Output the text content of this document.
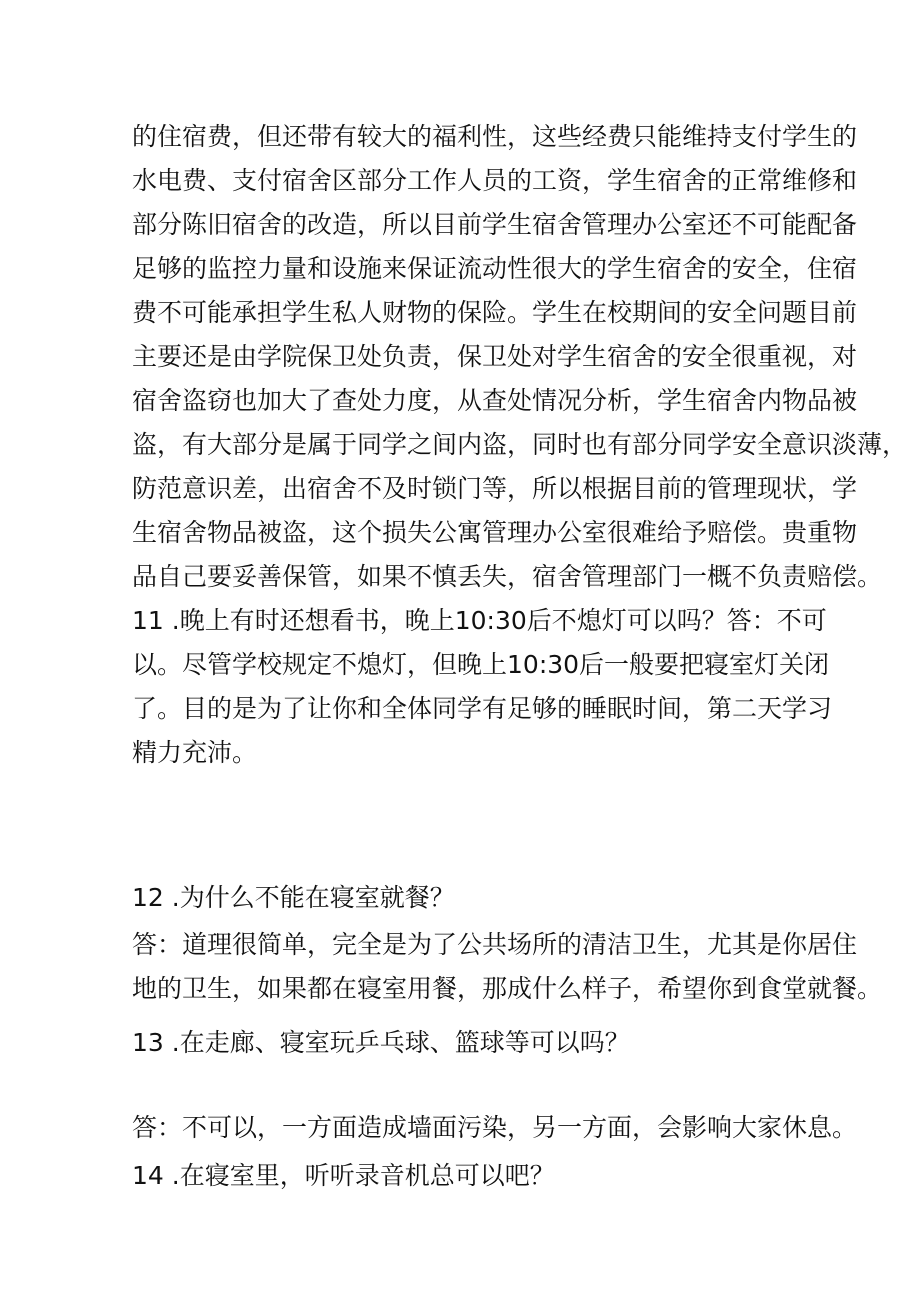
的住宿费，但还带有较大的福利性，这些经费只能维持支付学生的
水电费、支付宿舍区部分工作人员的工资，学生宿舍的正常维修和
部分陈旧宿舍的改造，所以目前学生宿舍管理办公室还不可能配备
足够的监控力量和设施来保证流动性很大的学生宿舍的安全，住宿
费不可能承担学生私人财物的保险。学生在校期间的安全问题目前
主要还是由学院保卫处负责，保卫处对学生宿舍的安全很重视，对
宿舍盗窃也加大了查处力度，从查处情况分析，学生宿舍内物品被
盗，有大部分是属于同学之间内盗，同时也有部分同学安全意识淡薄，
防范意识差，出宿舍不及时锁门等，所以根据目前的管理现状，学
生宿舍物品被盗，这个损失公寓管理办公室很难给予赔偿。贵重物
品自己要妥善保管，如果不慎丢失，宿舍管理部门一概不负责赔偿。
11 .晚上有时还想看书，晚上10:30后不熄灯可以吗？答：不可
以。尽管学校规定不熄灯，但晚上10:30后一般要把寝室灯关闭
了。目的是为了让你和全体同学有足够的睡眠时间，第二天学习
精力充沛。
12 .为什么不能在寝室就餐？
答：道理很简单，完全是为了公共场所的清洁卫生，尤其是你居住
地的卫生，如果都在寝室用餐，那成什么样子，希望你到食堂就餐。
13 .在走廊、寝室玩乒乓球、篮球等可以吗？
答：不可以，一方面造成墙面污染，另一方面，会影响大家休息。
14 .在寝室里，听听录音机总可以吧？
